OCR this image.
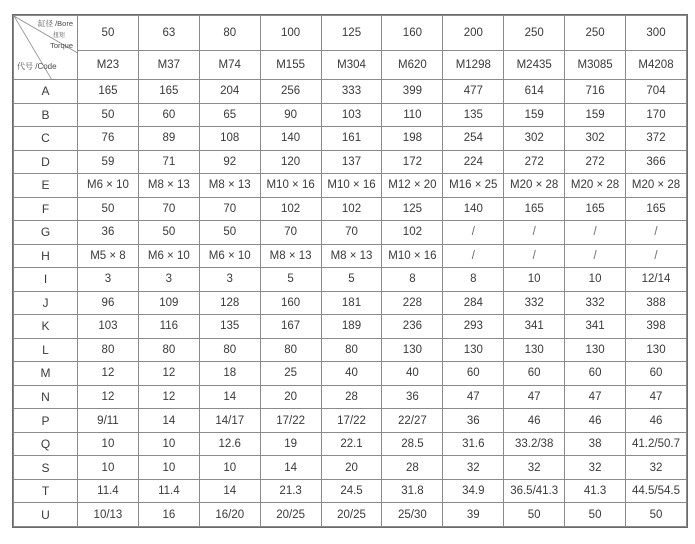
缸径 /Bore
扭矩
Torque
代号 /Code	50	63	80	100	125	160	200	250	250	300
	M23	M37	M74	M155	M304	M620	M1298	M2435	M3085	M4208
A	165	165	204	256	333	399	477	614	716	704
B	50	60	65	90	103	110	135	159	159	170
C	76	89	108	140	161	198	254	302	302	372
D	59	71	92	120	137	172	224	272	272	366
E	M6 × 10	M8 × 13	M8 × 13	M10 × 16	M10 × 16	M12 × 20	M16 × 25	M20 × 28	M20 × 28	M20 × 28
F	50	70	70	102	102	125	140	165	165	165
G	36	50	50	70	70	102	/	/	/	/
H	M5 × 8	M6 × 10	M6 × 10	M8 × 13	M8 × 13	M10 × 16	/	/	/	/
I	3	3	3	5	5	8	8	10	10	12/14
J	96	109	128	160	181	228	284	332	332	388
K	103	116	135	167	189	236	293	341	341	398
L	80	80	80	80	80	130	130	130	130	130
M	12	12	18	25	40	40	60	60	60	60
N	12	12	14	20	28	36	47	47	47	47
P	9/11	14	14/17	17/22	17/22	22/27	36	46	46	46
Q	10	10	12.6	19	22.1	28.5	31.6	33.2/38	38	41.2/50.7
S	10	10	10	14	20	28	32	32	32	32
T	11.4	11.4	14	21.3	24.5	31.8	34.9	36.5/41.3	41.3	44.5/54.5
U	10/13	16	16/20	20/25	20/25	25/30	39	50	50	50
